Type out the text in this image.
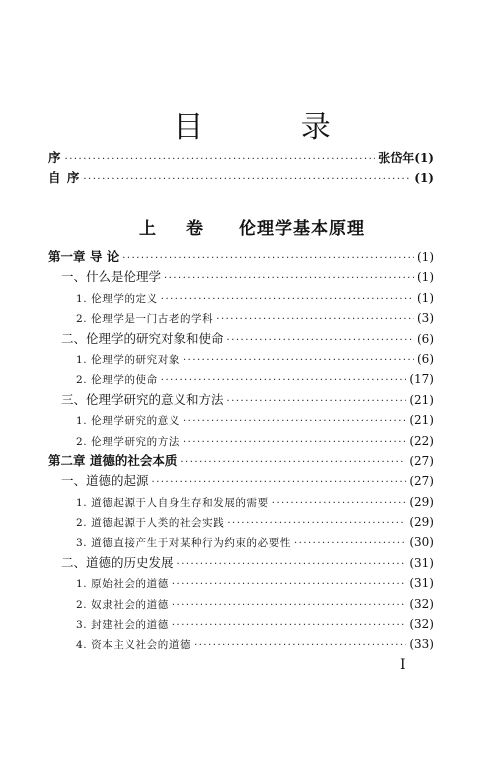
目 录
序 ·····	张岱年(1)
自 序 ·····	(1)
上 卷 伦理学基本原理
第一章 导 论 ·····	(1)
一、什么是伦理学 ·····	(1)
1. 伦理学的定义 ·····	(1)
2. 伦理学是一门古老的学科 ·····	(3)
二、伦理学的研究对象和使命 ·····	(6)
1. 伦理学的研究对象 ·····	(6)
2. 伦理学的使命 ·····	(17)
三、伦理学研究的意义和方法 ·····	(21)
1. 伦理学研究的意义 ·····	(21)
2. 伦理学研究的方法 ·····	(22)
第二章 道德的社会本质 ·····	(27)
一、道德的起源 ·····	(27)
1. 道德起源于人自身生存和发展的需要 ·····	(29)
2. 道德起源于人类的社会实践 ·····	(29)
3. 道德直接产生于对某种行为约束的必要性 ·····	(30)
二、道德的历史发展 ·····	(31)
1. 原始社会的道德 ·····	(31)
2. 奴隶社会的道德 ·····	(32)
3. 封建社会的道德 ·····	(32)
4. 资本主义社会的道德 ·····	(33)
I
